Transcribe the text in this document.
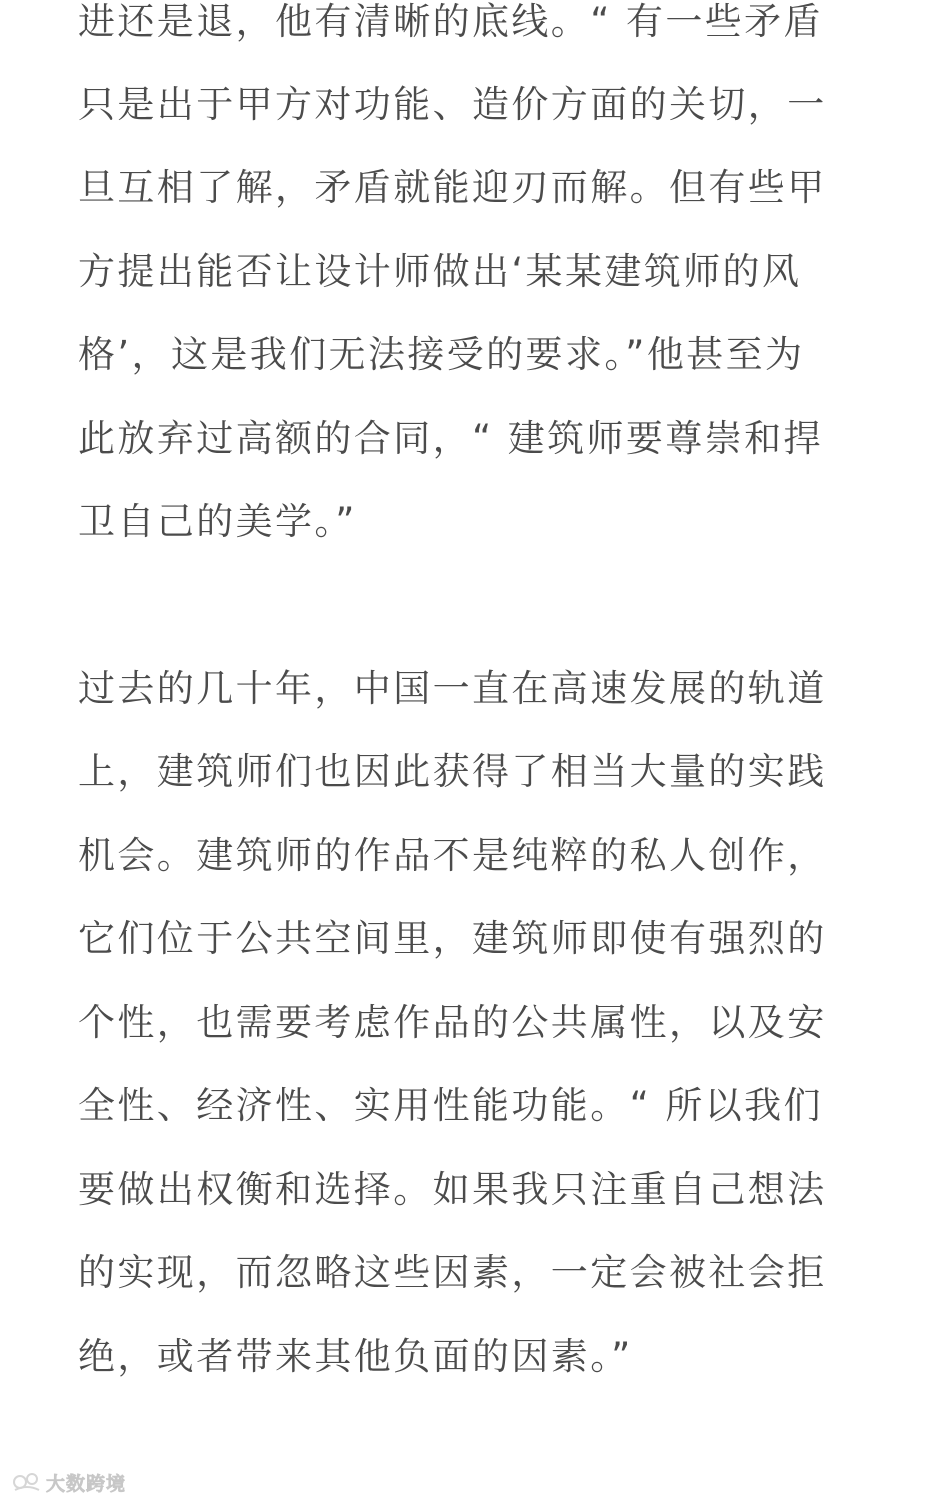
进还是退，他有清晰的底线。“ 有一些矛盾
只是出于甲方对功能、造价方面的关切，一
旦互相了解，矛盾就能迎刃而解。但有些甲
方提出能否让设计师做出‘某某建筑师的风
格’，这是我们无法接受的要求。”他甚至为
此放弃过高额的合同，“ 建筑师要尊崇和捍
卫自己的美学。”
过去的几十年，中国一直在高速发展的轨道
上，建筑师们也因此获得了相当大量的实践
机会。建筑师的作品不是纯粹的私人创作，
它们位于公共空间里，建筑师即使有强烈的
个性，也需要考虑作品的公共属性，以及安
全性、经济性、实用性能功能。“ 所以我们
要做出权衡和选择。如果我只注重自己想法
的实现，而忽略这些因素，一定会被社会拒
绝，或者带来其他负面的因素。”
大数跨境
